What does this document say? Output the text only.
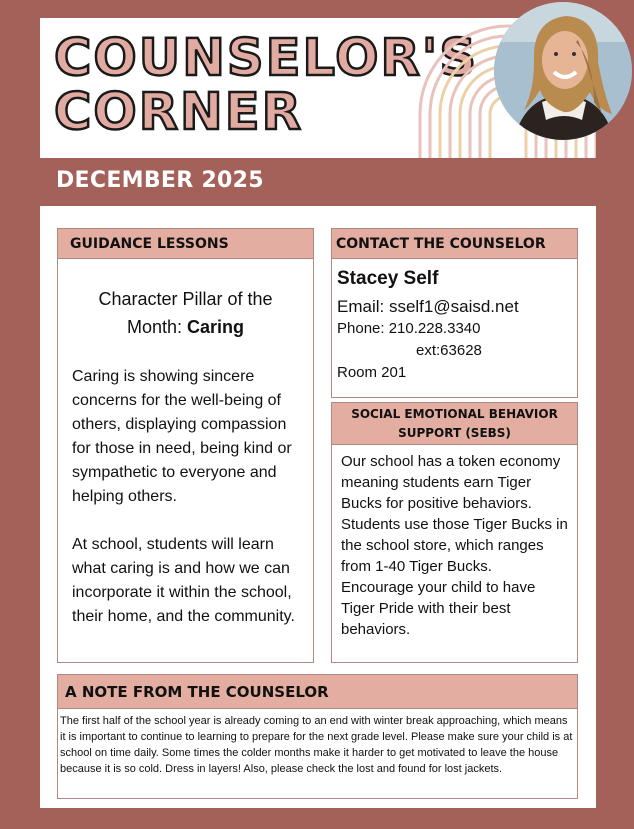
COUNSELOR'S
CORNER
DECEMBER 2025
GUIDANCE LESSONS
Character Pillar of the Month: Caring

Caring is showing sincere concerns for the well-being of others, displaying compassion for those in need, being kind or sympathetic to everyone and helping others.

At school, students will learn what caring is and how we can incorporate it within the school, their home, and the community.

CONTACT THE COUNSELOR
Stacey Self
Email: sself1@saisd.net
Phone: 210.228.3340
ext:63628
Room 201
SOCIAL EMOTIONAL BEHAVIOR SUPPORT (SEBS)
Our school has a token economy meaning students earn Tiger Bucks for positive behaviors. Students use those Tiger Bucks in the school store, which ranges from 1-40 Tiger Bucks.
Encourage your child to have Tiger Pride with their best behaviors.
A NOTE FROM THE COUNSELOR

The first half of the school year is already coming to an end with winter break approaching, which means it is important to continue to learning to prepare for the next grade level. Please make sure your child is at school on time daily. Some times the colder months make it harder to get motivated to leave the house because it is so cold. Dress in layers! Also, please check the lost and found for lost jackets.
